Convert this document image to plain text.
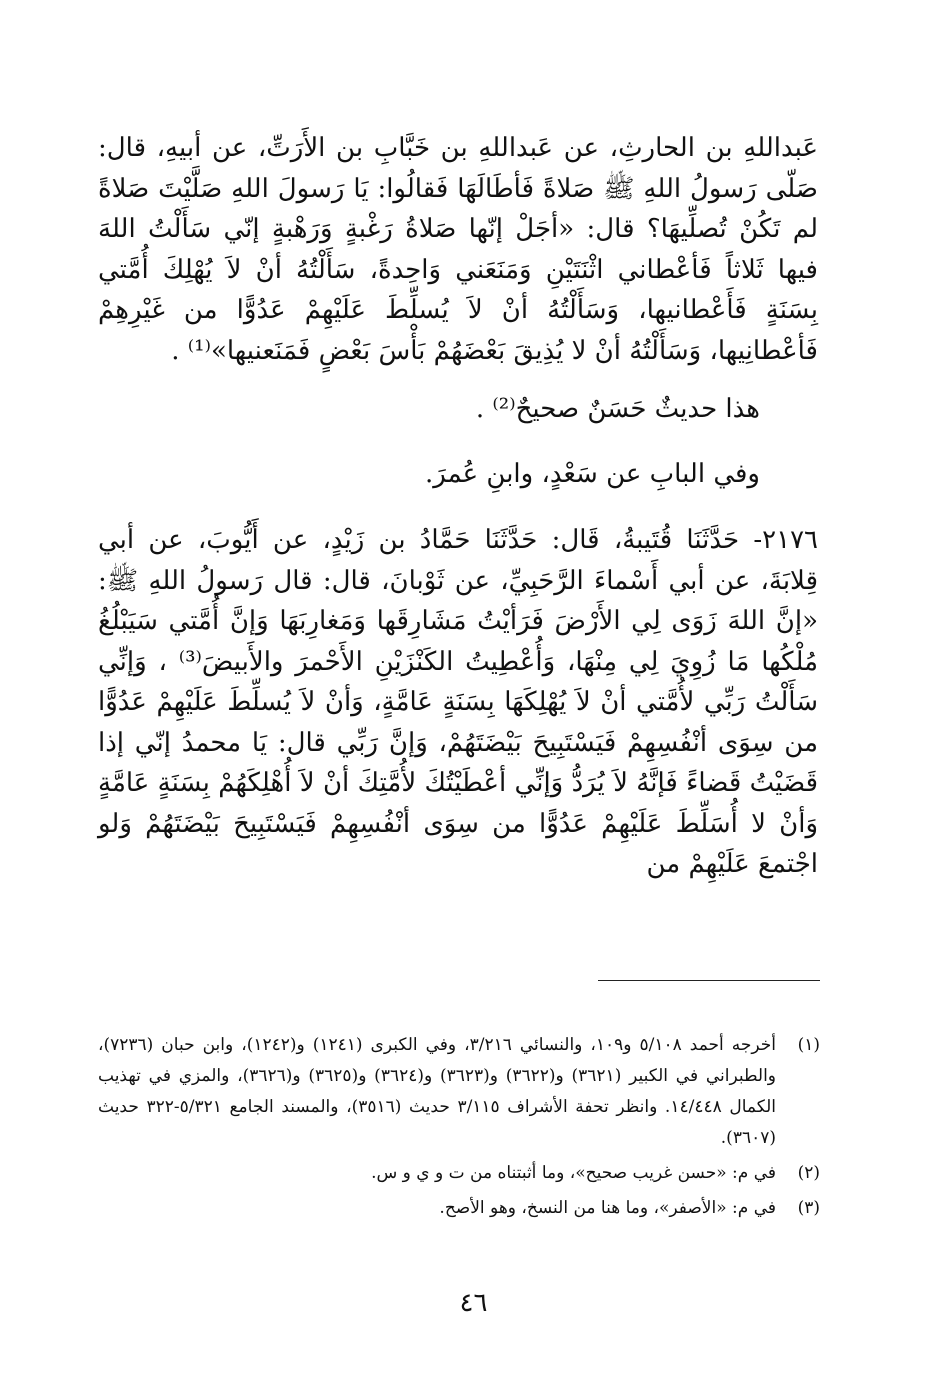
عَبداللهِ بن الحارثِ، عن عَبداللهِ بن خَبَّابِ بن الأَرَتِّ، عن أبيهِ، قال: صَلّى رَسولُ اللهِ ﷺ صَلاةً فَأطَالَهَا فَقالُوا: يَا رَسولَ اللهِ صَلَّيْتَ صَلاةً لم تَكُنْ تُصلِّيهَا؟ قال: «أجَلْ إنّها صَلاةُ رَغْبةٍ وَرَهْبةٍ إنّي سَأَلْتُ اللهَ فيها ثَلاثاً فَأعْطاني اثْنَتَيْنِ وَمَنَعَني وَاحِدةً، سَأَلْتُهُ أنْ لاَ يُهْلِكَ أُمَّتي بِسَنَةٍ فَأَعْطانيها، وَسَأَلْتُهُ أنْ لاَ يُسلِّطَ عَلَيْهِمْ عَدُوًّا من غَيْرِهِمْ فَأعْطانِيها، وَسَأَلْتُهُ أنْ لا يُذِيقَ بَعْضَهُمْ بَأْسَ بَعْضٍ فَمَنَعنيها»⁽¹⁾ .

هذا حديثٌ حَسَنٌ صحيحٌ⁽²⁾ .

وفي البابِ عن سَعْدٍ، وابنِ عُمرَ.

٢١٧٦- حَدَّثَنَا قُتَيبةُ، قَال: حَدَّثَنَا حَمَّادُ بن زَيْدٍ، عن أَيُّوبَ، عن أبي قِلابَةَ، عن أبي أَسْماءَ الرَّحَبِيِّ، عن ثَوْبانَ، قال: قال رَسولُ اللهِ ﷺ: «إنَّ اللهَ زَوَى لِي الأَرْضَ فَرَأيْتُ مَشَارِقَها وَمَغارِبَهَا وَإنَّ أُمَّتي سَيَبْلُغُ مُلْكُها مَا زُوِيَ لِي مِنْهَا، وَأُعْطِيتُ الكَنْزَيْنِ الأَحْمرَ والأَبيضَ⁽³⁾ ، وَإنِّي سَأَلْتُ رَبِّي لأُمَّتي أنْ لاَ يُهْلِكَهَا بِسَنَةٍ عَامَّةٍ، وَأنْ لاَ يُسلِّطَ عَلَيْهِمْ عَدُوًّا من سِوَى أنْفُسِهِمْ فَيَسْتَبِيحَ بَيْضَتَهُمْ، وَإنَّ رَبِّي قال: يَا محمدُ إنّي إذا قَضَيْتُ قَضاءً فَإنَّهُ لاَ يُرَدُّ وَإنِّي أعْطَيْتُكَ لأُمَّتِكَ أنْ لاَ أُهْلِكَهُمْ بِسَنَةٍ عَامَّةٍ وَأنْ لا أُسَلِّطَ عَلَيْهِمْ عَدُوًّا من سِوَى أنْفُسِهِمْ فَيَسْتَبِيحَ بَيْضَتَهُمْ وَلو اجْتمعَ عَلَيْهِمْ من

(١)
أخرجه أحمد ٥/١٠٨ و١٠٩، والنسائي ٣/٢١٦، وفي الكبرى (١٢٤١) و(١٢٤٢)، وابن حبان (٧٢٣٦)، والطبراني في الكبير (٣٦٢١) و(٣٦٢٢) و(٣٦٢٣) و(٣٦٢٤) و(٣٦٢٥) و(٣٦٢٦)، والمزي في تهذيب الكمال ١٤/٤٤٨. وانظر تحفة الأشراف ٣/١١٥ حديث (٣٥١٦)، والمسند الجامع ٥/٣٢١-٣٢٢ حديث (٣٦٠٧).
(٢)
في م: «حسن غريب صحيح»، وما أثبتناه من ت و ي و س.
(٣)
في م: «الأصفر»، وما هنا من النسخ، وهو الأصح.
٤٦
